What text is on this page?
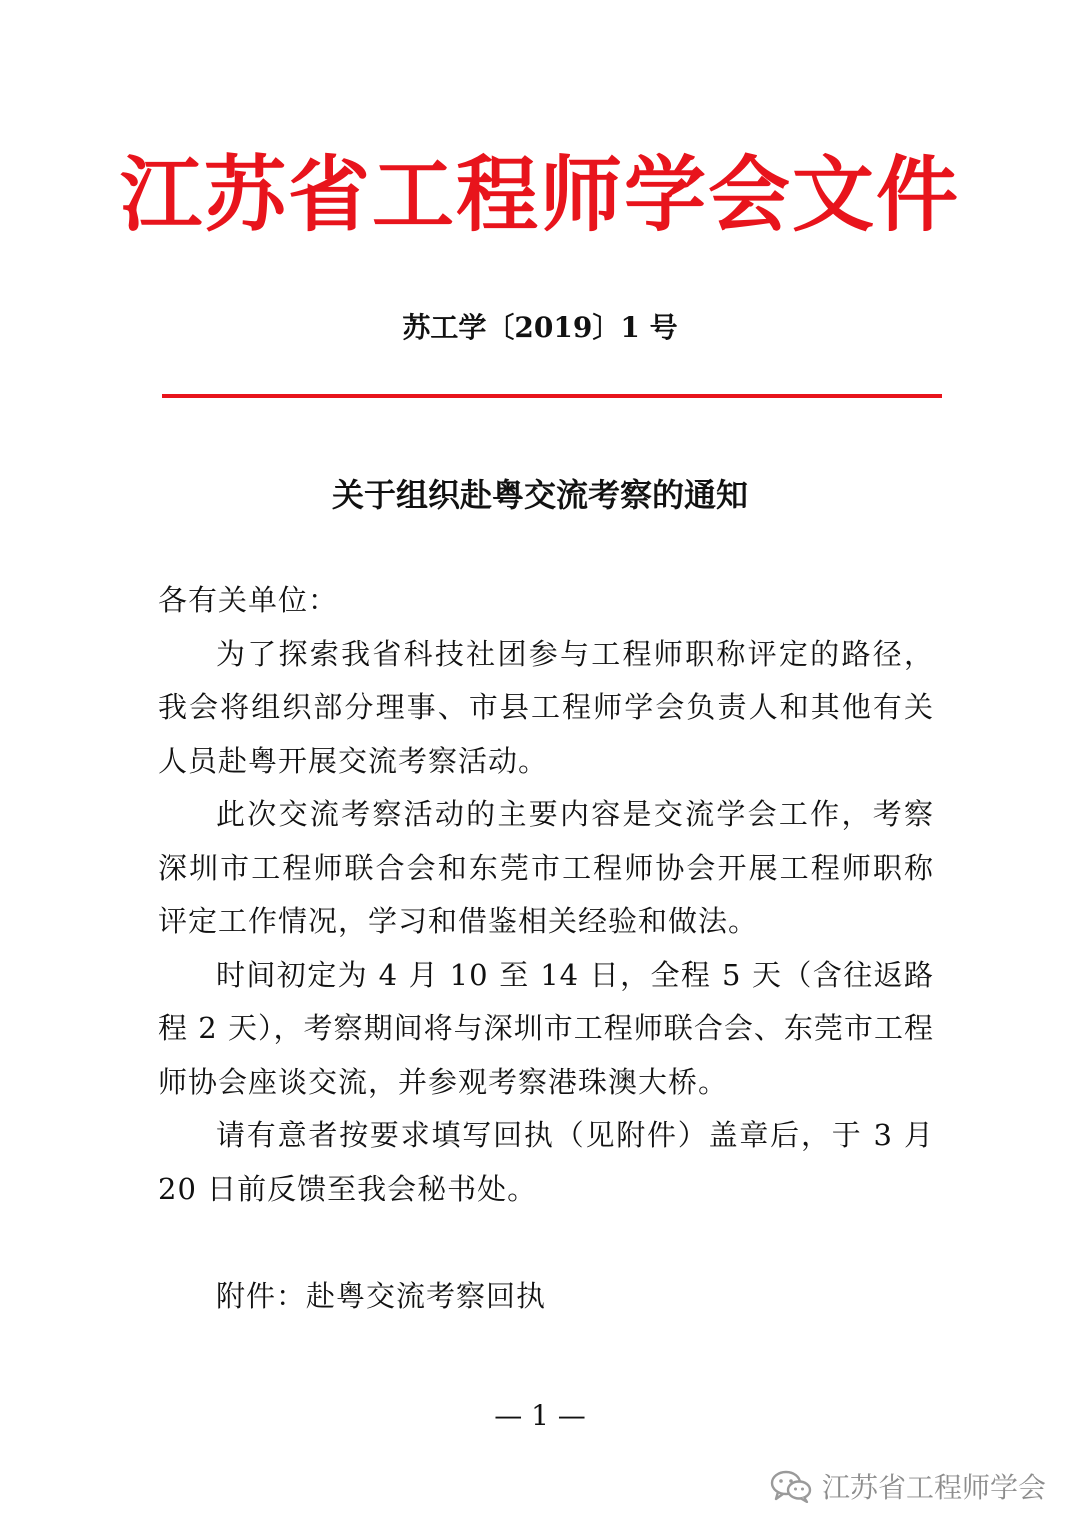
江苏省工程师学会文件
苏工学〔2019〕1 号
关于组织赴粤交流考察的通知

各有关单位：

为了探索我省科技社团参与工程师职称评定的路径，我会将组织部分理事、市县工程师学会负责人和其他有关人员赴粤开展交流考察活动。

此次交流考察活动的主要内容是交流学会工作，考察深圳市工程师联合会和东莞市工程师协会开展工程师职称评定工作情况，学习和借鉴相关经验和做法。

时间初定为 4 月 10 至 14 日，全程 5 天（含往返路程 2 天），考察期间将与深圳市工程师联合会、东莞市工程师协会座谈交流，并参观考察港珠澳大桥。

请有意者按要求填写回执（见附件）盖章后，于 3 月 20 日前反馈至我会秘书处。

附件：赴粤交流考察回执

— 1 —
江苏省工程师学会
